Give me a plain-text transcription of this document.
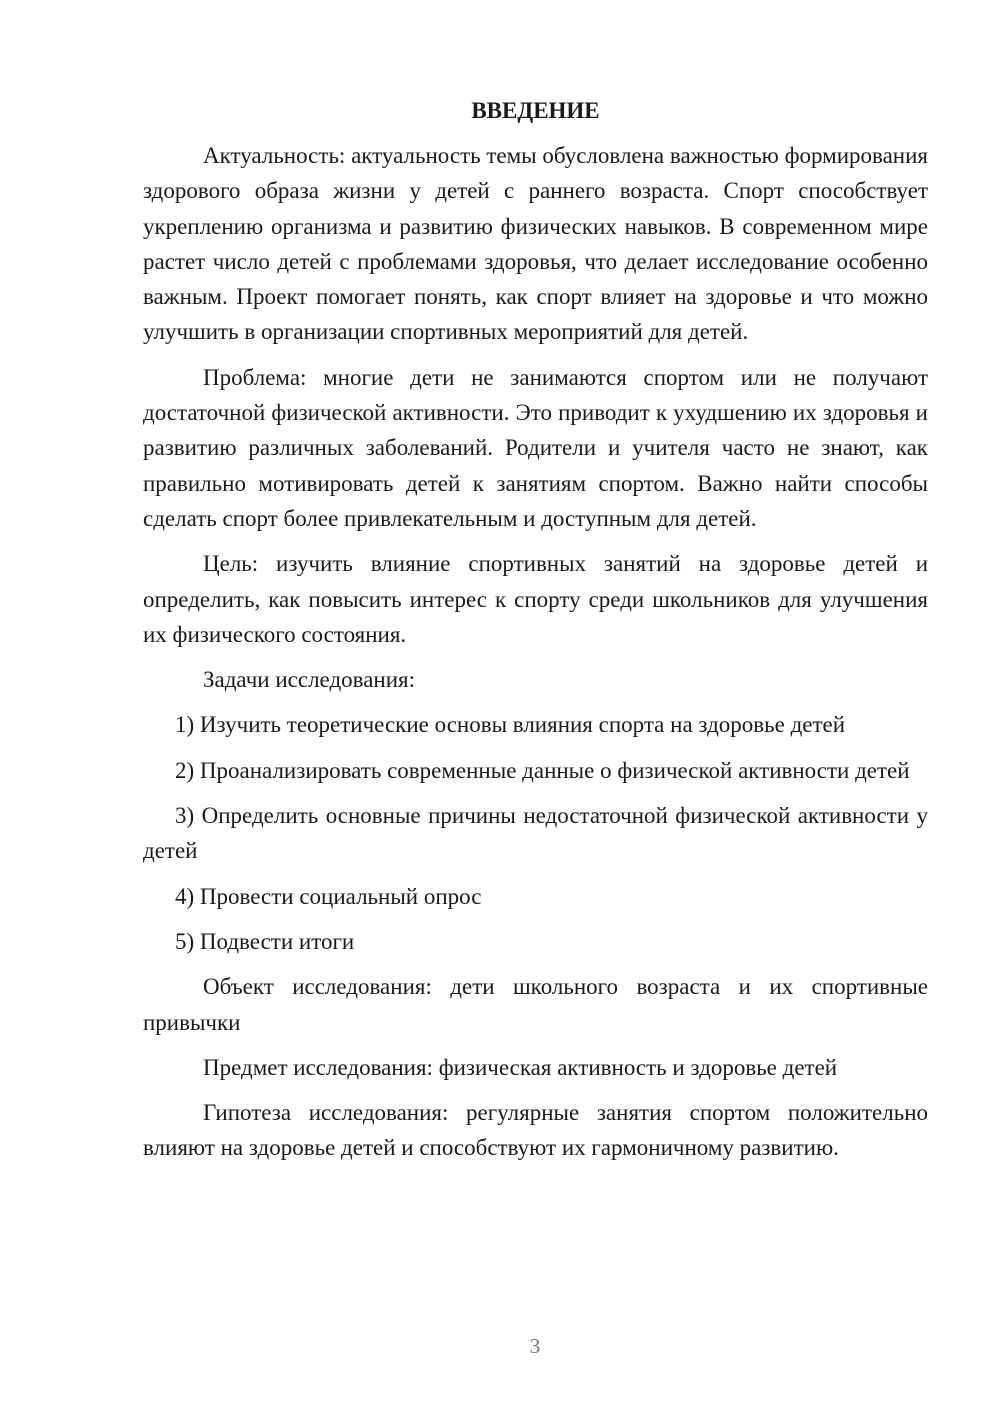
ВВЕДЕНИЕ

Актуальность: актуальность темы обусловлена важностью формирования здорового образа жизни у детей с раннего возраста. Спорт способствует укреплению организма и развитию физических навыков. В современном мире растет число детей с проблемами здоровья, что делает исследование особенно важным. Проект помогает понять, как спорт влияет на здоровье и что можно улучшить в организации спортивных мероприятий для детей.

Проблема: многие дети не занимаются спортом или не получают достаточной физической активности. Это приводит к ухудшению их здоровья и развитию различных заболеваний. Родители и учителя часто не знают, как правильно мотивировать детей к занятиям спортом. Важно найти способы сделать спорт более привлекательным и доступным для детей.

Цель: изучить влияние спортивных занятий на здоровье детей и определить, как повысить интерес к спорту среди школьников для улучшения их физического состояния.

Задачи исследования:

1) Изучить теоретические основы влияния спорта на здоровье детей

2) Проанализировать современные данные о физической активности детей

3) Определить основные причины недостаточной физической активности у детей

4) Провести социальный опрос

5) Подвести итоги

Объект исследования: дети школьного возраста и их спортивные привычки

Предмет исследования: физическая активность и здоровье детей

Гипотеза исследования: регулярные занятия спортом положительно влияют на здоровье детей и способствуют их гармоничному развитию.

3
